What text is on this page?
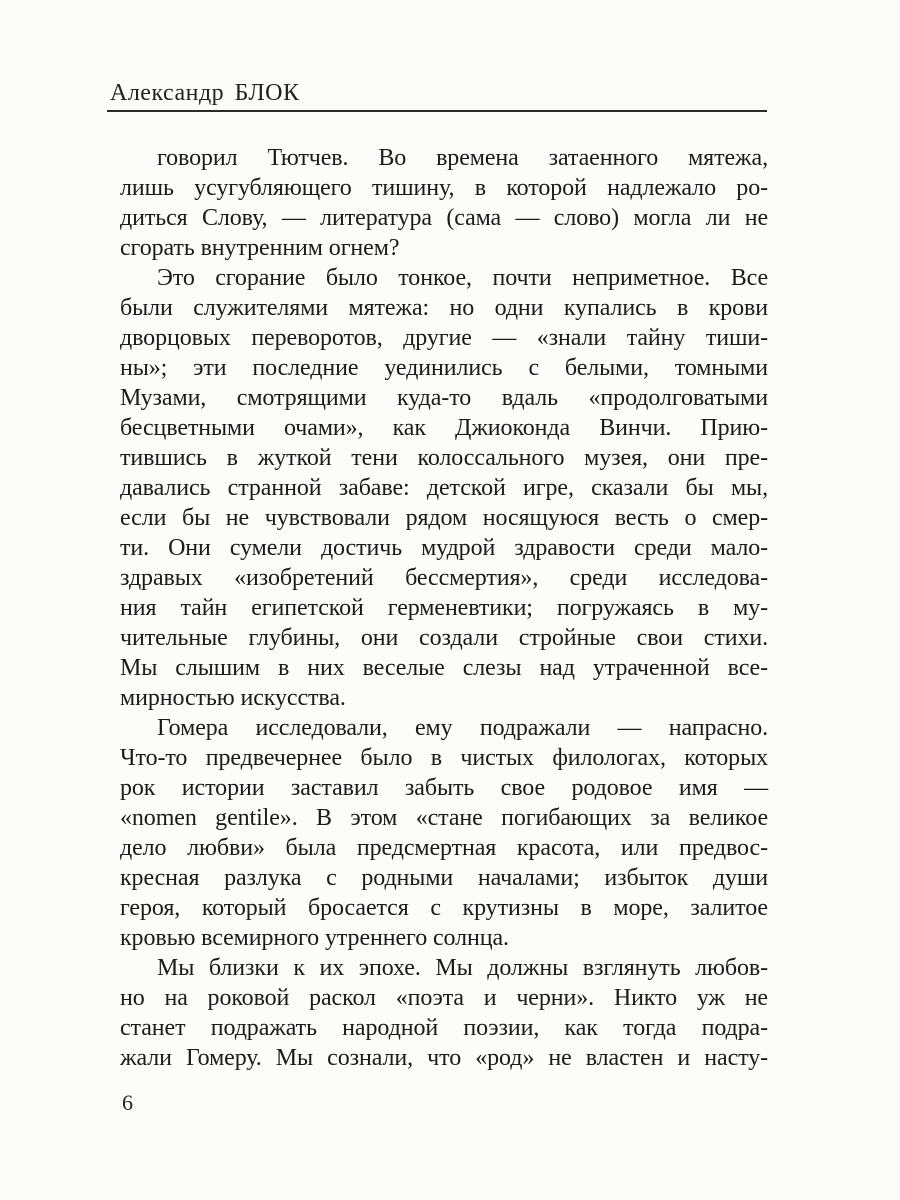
Александр БЛОК
говорил Тютчев. Во времена затаенного мятежа,
лишь усугубляющего тишину, в которой надлежало ро-
диться Слову, — литература (сама — слово) могла ли не
сгорать внутренним огнем?
Это сгорание было тонкое, почти неприметное. Все
были служителями мятежа: но одни купались в крови
дворцовых переворотов, другие — «знали тайну тиши-
ны»; эти последние уединились с белыми, томными
Музами, смотрящими куда-то вдаль «продолговатыми
бесцветными очами», как Джиоконда Винчи. Прию-
тившись в жуткой тени колоссального музея, они пре-
давались странной забаве: детской игре, сказали бы мы,
если бы не чувствовали рядом носящуюся весть о смер-
ти. Они сумели достичь мудрой здравости среди мало-
здравых «изобретений бессмертия», среди исследова-
ния тайн египетской герменевтики; погружаясь в му-
чительные глубины, они создали стройные свои стихи.
Мы слышим в них веселые слезы над утраченной все-
мирностью искусства.
Гомера исследовали, ему подражали — напрасно.
Что-то предвечернее было в чистых филологах, которых
рок истории заставил забыть свое родовое имя —
«nomen gentile». В этом «стане погибающих за великое
дело любви» была предсмертная красота, или предвос-
кресная разлука с родными началами; избыток души
героя, который бросается с крутизны в море, залитое
кровью всемирного утреннего солнца.
Мы близки к их эпохе. Мы должны взглянуть любов-
но на роковой раскол «поэта и черни». Никто уж не
станет подражать народной поэзии, как тогда подра-
жали Гомеру. Мы сознали, что «род» не властен и насту-
6
